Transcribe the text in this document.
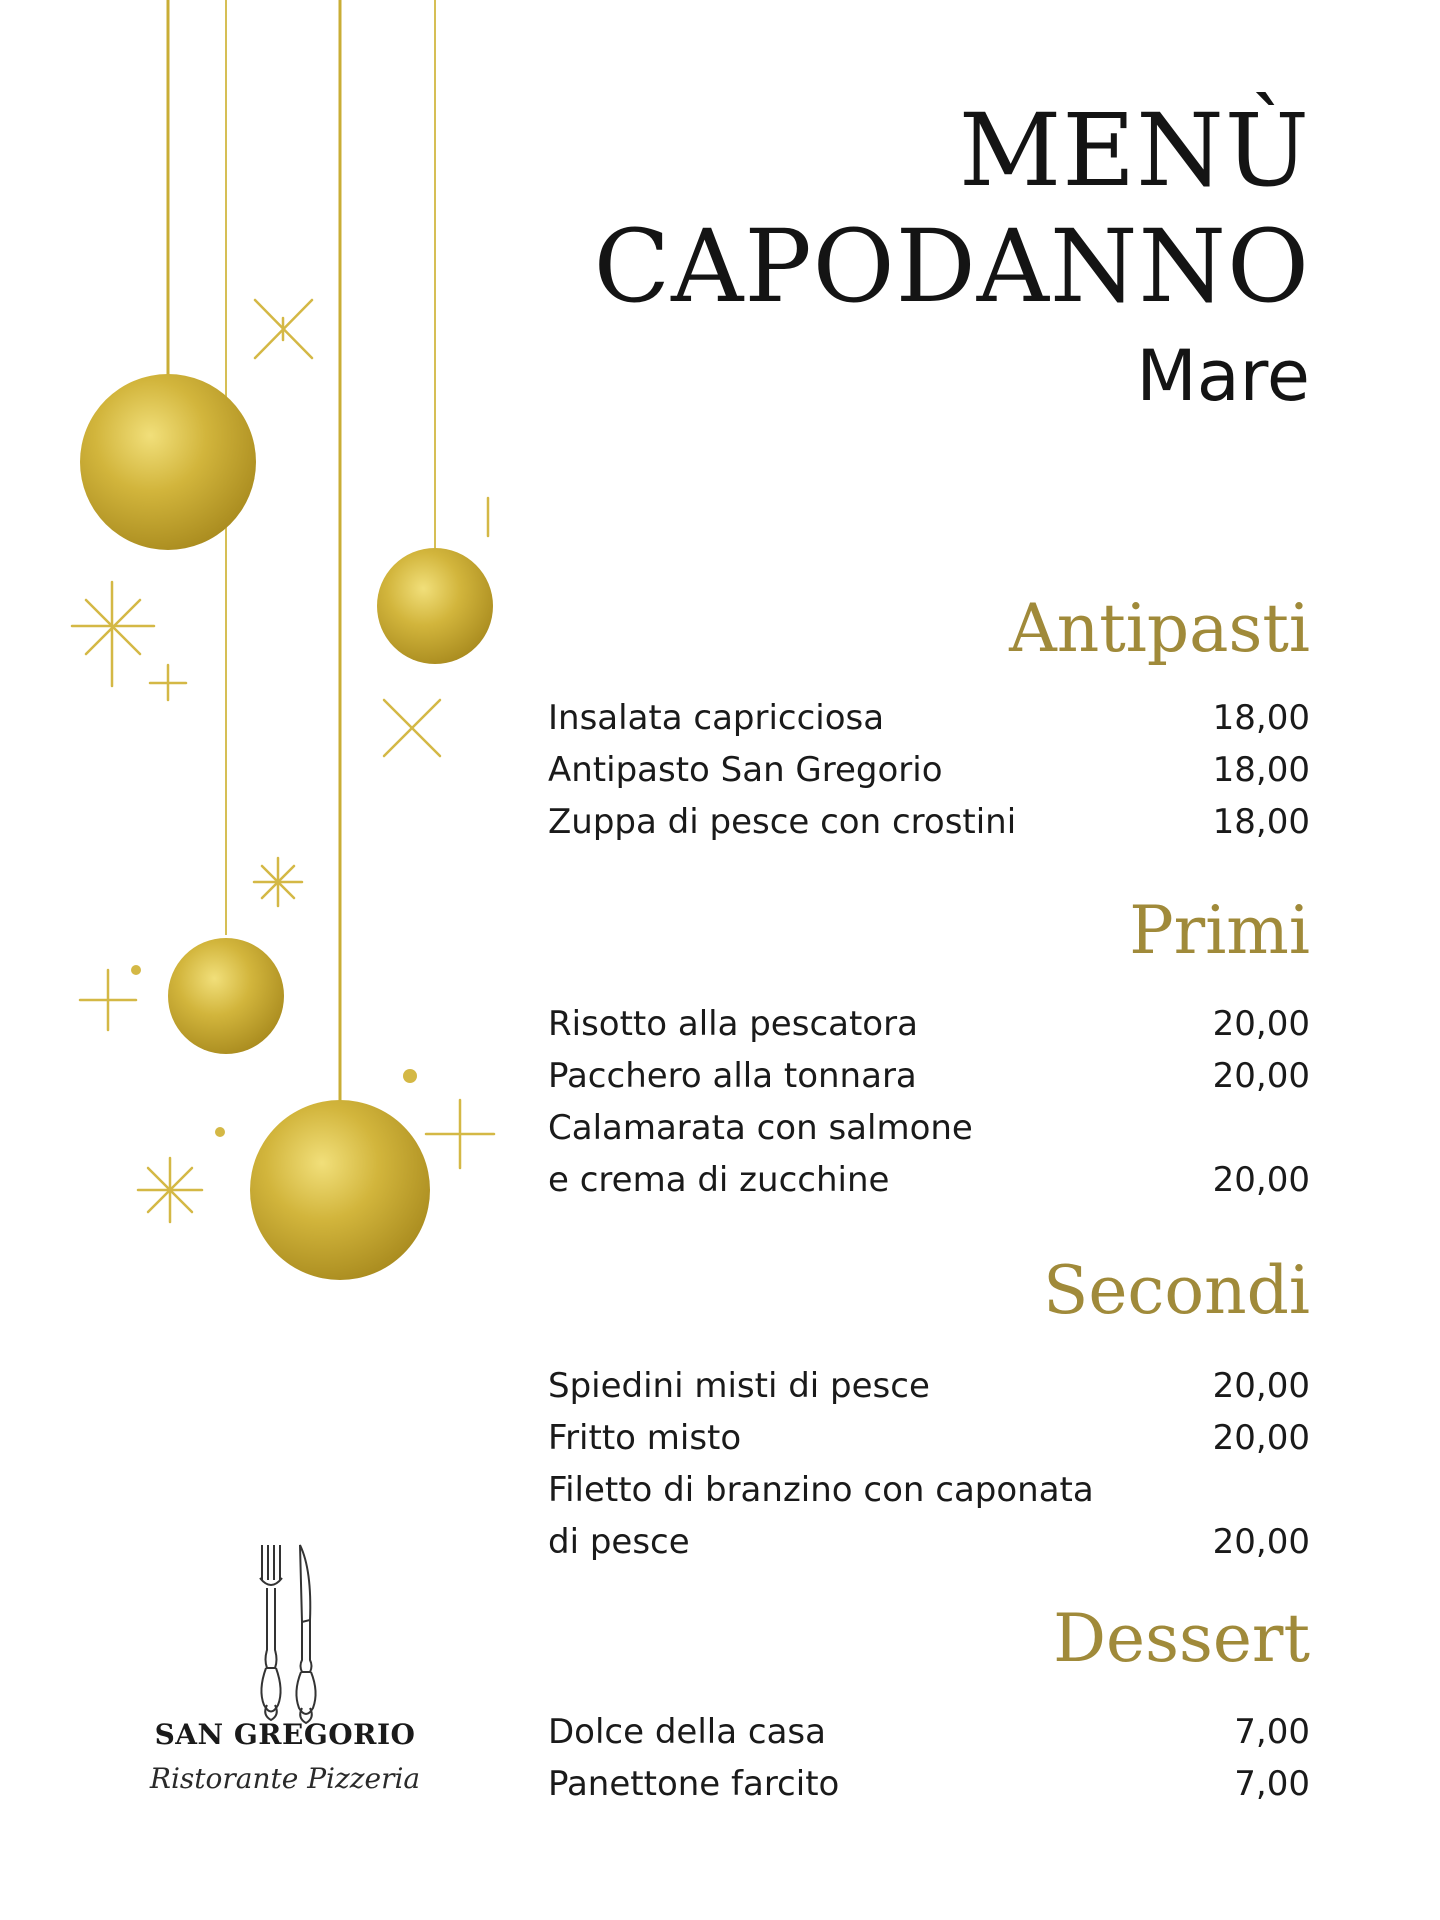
MENÙ
CAPODANNO
Mare
Antipasti
Insalata capricciosa	18,00
Antipasto San Gregorio	18,00
Zuppa di pesce con crostini	18,00
Primi
Risotto alla pescatora	20,00
Pacchero alla tonnara	20,00
Calamarata con salmone
e crema di zucchine	20,00
Secondi
Spiedini misti di pesce	20,00
Fritto misto	20,00
Filetto di branzino con caponata
di pesce	20,00
Dessert
Dolce della casa	7,00
Panettone farcito	7,00
SAN GREGORIO
Ristorante Pizzeria
